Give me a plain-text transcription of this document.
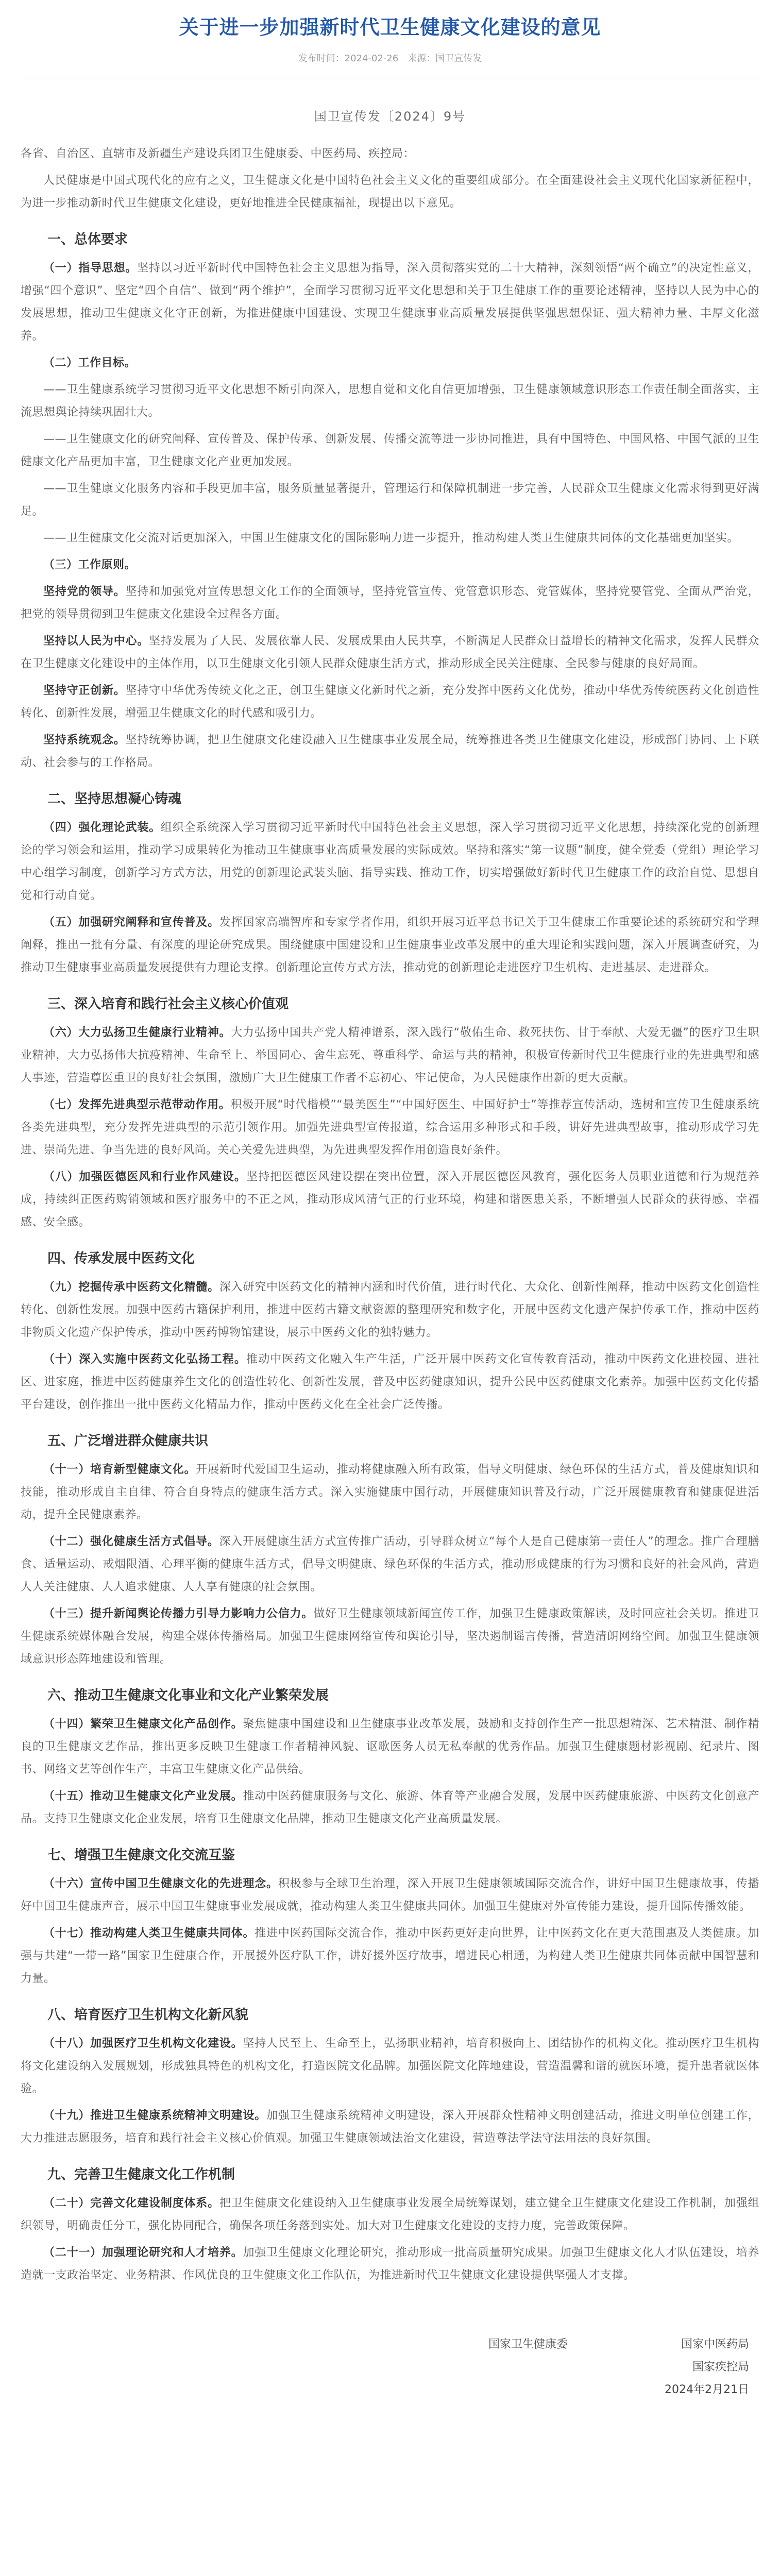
关于进一步加强新时代卫生健康文化建设的意见
发布时间：2024-02-26　来源：国卫宣传发
国卫宣传发〔2024〕9号
各省、自治区、直辖市及新疆生产建设兵团卫生健康委、中医药局、疾控局：
人民健康是中国式现代化的应有之义，卫生健康文化是中国特色社会主义文化的重要组成部分。在全面建设社会主义现代化国家新征程中，为进一步推动新时代卫生健康文化建设，更好地推进全民健康福祉，现提出以下意见。
一、总体要求
（一）指导思想。坚持以习近平新时代中国特色社会主义思想为指导，深入贯彻落实党的二十大精神，深刻领悟“两个确立”的决定性意义，增强“四个意识”、坚定“四个自信”、做到“两个维护”，全面学习贯彻习近平文化思想和关于卫生健康工作的重要论述精神，坚持以人民为中心的发展思想，推动卫生健康文化守正创新，为推进健康中国建设、实现卫生健康事业高质量发展提供坚强思想保证、强大精神力量、丰厚文化滋养。
（二）工作目标。
——卫生健康系统学习贯彻习近平文化思想不断引向深入，思想自觉和文化自信更加增强，卫生健康领域意识形态工作责任制全面落实，主流思想舆论持续巩固壮大。
——卫生健康文化的研究阐释、宣传普及、保护传承、创新发展、传播交流等进一步协同推进，具有中国特色、中国风格、中国气派的卫生健康文化产品更加丰富，卫生健康文化产业更加发展。
——卫生健康文化服务内容和手段更加丰富，服务质量显著提升，管理运行和保障机制进一步完善，人民群众卫生健康文化需求得到更好满足。
——卫生健康文化交流对话更加深入，中国卫生健康文化的国际影响力进一步提升，推动构建人类卫生健康共同体的文化基础更加坚实。
（三）工作原则。
坚持党的领导。坚持和加强党对宣传思想文化工作的全面领导，坚持党管宣传、党管意识形态、党管媒体，坚持党要管党、全面从严治党，把党的领导贯彻到卫生健康文化建设全过程各方面。
坚持以人民为中心。坚持发展为了人民、发展依靠人民、发展成果由人民共享，不断满足人民群众日益增长的精神文化需求，发挥人民群众在卫生健康文化建设中的主体作用，以卫生健康文化引领人民群众健康生活方式，推动形成全民关注健康、全民参与健康的良好局面。
坚持守正创新。坚持守中华优秀传统文化之正，创卫生健康文化新时代之新，充分发挥中医药文化优势，推动中华优秀传统医药文化创造性转化、创新性发展，增强卫生健康文化的时代感和吸引力。
坚持系统观念。坚持统筹协调，把卫生健康文化建设融入卫生健康事业发展全局，统筹推进各类卫生健康文化建设，形成部门协同、上下联动、社会参与的工作格局。
二、坚持思想凝心铸魂
（四）强化理论武装。组织全系统深入学习贯彻习近平新时代中国特色社会主义思想，深入学习贯彻习近平文化思想，持续深化党的创新理论的学习领会和运用，推动学习成果转化为推动卫生健康事业高质量发展的实际成效。坚持和落实“第一议题”制度，健全党委（党组）理论学习中心组学习制度，创新学习方式方法，用党的创新理论武装头脑、指导实践、推动工作，切实增强做好新时代卫生健康工作的政治自觉、思想自觉和行动自觉。
（五）加强研究阐释和宣传普及。发挥国家高端智库和专家学者作用，组织开展习近平总书记关于卫生健康工作重要论述的系统研究和学理阐释，推出一批有分量、有深度的理论研究成果。围绕健康中国建设和卫生健康事业改革发展中的重大理论和实践问题，深入开展调查研究，为推动卫生健康事业高质量发展提供有力理论支撑。创新理论宣传方式方法，推动党的创新理论走进医疗卫生机构、走进基层、走进群众。
三、深入培育和践行社会主义核心价值观
（六）大力弘扬卫生健康行业精神。大力弘扬中国共产党人精神谱系，深入践行“敬佑生命、救死扶伤、甘于奉献、大爱无疆”的医疗卫生职业精神，大力弘扬伟大抗疫精神、生命至上、举国同心、舍生忘死、尊重科学、命运与共的精神，积极宣传新时代卫生健康行业的先进典型和感人事迹，营造尊医重卫的良好社会氛围，激励广大卫生健康工作者不忘初心、牢记使命，为人民健康作出新的更大贡献。
（七）发挥先进典型示范带动作用。积极开展“时代楷模”“最美医生”“中国好医生、中国好护士”等推荐宣传活动，选树和宣传卫生健康系统各类先进典型，充分发挥先进典型的示范引领作用。加强先进典型宣传报道，综合运用多种形式和手段，讲好先进典型故事，推动形成学习先进、崇尚先进、争当先进的良好风尚。关心关爱先进典型，为先进典型发挥作用创造良好条件。
（八）加强医德医风和行业作风建设。坚持把医德医风建设摆在突出位置，深入开展医德医风教育，强化医务人员职业道德和行为规范养成，持续纠正医药购销领域和医疗服务中的不正之风，推动形成风清气正的行业环境，构建和谐医患关系，不断增强人民群众的获得感、幸福感、安全感。
四、传承发展中医药文化
（九）挖掘传承中医药文化精髓。深入研究中医药文化的精神内涵和时代价值，进行时代化、大众化、创新性阐释，推动中医药文化创造性转化、创新性发展。加强中医药古籍保护利用，推进中医药古籍文献资源的整理研究和数字化，开展中医药文化遗产保护传承工作，推动中医药非物质文化遗产保护传承，推动中医药博物馆建设，展示中医药文化的独特魅力。
（十）深入实施中医药文化弘扬工程。推动中医药文化融入生产生活，广泛开展中医药文化宣传教育活动，推动中医药文化进校园、进社区、进家庭，推进中医药健康养生文化的创造性转化、创新性发展，普及中医药健康知识，提升公民中医药健康文化素养。加强中医药文化传播平台建设，创作推出一批中医药文化精品力作，推动中医药文化在全社会广泛传播。
五、广泛增进群众健康共识
（十一）培育新型健康文化。开展新时代爱国卫生运动，推动将健康融入所有政策，倡导文明健康、绿色环保的生活方式，普及健康知识和技能，推动形成自主自律、符合自身特点的健康生活方式。深入实施健康中国行动，开展健康知识普及行动，广泛开展健康教育和健康促进活动，提升全民健康素养。
（十二）强化健康生活方式倡导。深入开展健康生活方式宣传推广活动，引导群众树立“每个人是自己健康第一责任人”的理念。推广合理膳食、适量运动、戒烟限酒、心理平衡的健康生活方式，倡导文明健康、绿色环保的生活方式，推动形成健康的行为习惯和良好的社会风尚，营造人人关注健康、人人追求健康、人人享有健康的社会氛围。
（十三）提升新闻舆论传播力引导力影响力公信力。做好卫生健康领域新闻宣传工作，加强卫生健康政策解读，及时回应社会关切。推进卫生健康系统媒体融合发展，构建全媒体传播格局。加强卫生健康网络宣传和舆论引导，坚决遏制谣言传播，营造清朗网络空间。加强卫生健康领域意识形态阵地建设和管理。
六、推动卫生健康文化事业和文化产业繁荣发展
（十四）繁荣卫生健康文化产品创作。聚焦健康中国建设和卫生健康事业改革发展，鼓励和支持创作生产一批思想精深、艺术精湛、制作精良的卫生健康文艺作品，推出更多反映卫生健康工作者精神风貌、讴歌医务人员无私奉献的优秀作品。加强卫生健康题材影视剧、纪录片、图书、网络文艺等创作生产，丰富卫生健康文化产品供给。
（十五）推动卫生健康文化产业发展。推动中医药健康服务与文化、旅游、体育等产业融合发展，发展中医药健康旅游、中医药文化创意产品。支持卫生健康文化企业发展，培育卫生健康文化品牌，推动卫生健康文化产业高质量发展。
七、增强卫生健康文化交流互鉴
（十六）宣传中国卫生健康文化的先进理念。积极参与全球卫生治理，深入开展卫生健康领域国际交流合作，讲好中国卫生健康故事，传播好中国卫生健康声音，展示中国卫生健康事业发展成就，推动构建人类卫生健康共同体。加强卫生健康对外宣传能力建设，提升国际传播效能。
（十七）推动构建人类卫生健康共同体。推进中医药国际交流合作，推动中医药更好走向世界，让中医药文化在更大范围惠及人类健康。加强与共建“一带一路”国家卫生健康合作，开展援外医疗队工作，讲好援外医疗故事，增进民心相通，为构建人类卫生健康共同体贡献中国智慧和力量。
八、培育医疗卫生机构文化新风貌
（十八）加强医疗卫生机构文化建设。坚持人民至上、生命至上，弘扬职业精神，培育积极向上、团结协作的机构文化。推动医疗卫生机构将文化建设纳入发展规划，形成独具特色的机构文化，打造医院文化品牌。加强医院文化阵地建设，营造温馨和谐的就医环境，提升患者就医体验。
（十九）推进卫生健康系统精神文明建设。加强卫生健康系统精神文明建设，深入开展群众性精神文明创建活动，推进文明单位创建工作，大力推进志愿服务，培育和践行社会主义核心价值观。加强卫生健康领域法治文化建设，营造尊法学法守法用法的良好氛围。
九、完善卫生健康文化工作机制
（二十）完善文化建设制度体系。把卫生健康文化建设纳入卫生健康事业发展全局统筹谋划，建立健全卫生健康文化建设工作机制，加强组织领导，明确责任分工，强化协同配合，确保各项任务落到实处。加大对卫生健康文化建设的支持力度，完善政策保障。
（二十一）加强理论研究和人才培养。加强卫生健康文化理论研究，推动形成一批高质量研究成果。加强卫生健康文化人才队伍建设，培养造就一支政治坚定、业务精湛、作风优良的卫生健康文化工作队伍，为推进新时代卫生健康文化建设提供坚强人才支撑。
国家卫生健康委	国家中医药局
国家疾控局
2024年2月21日
